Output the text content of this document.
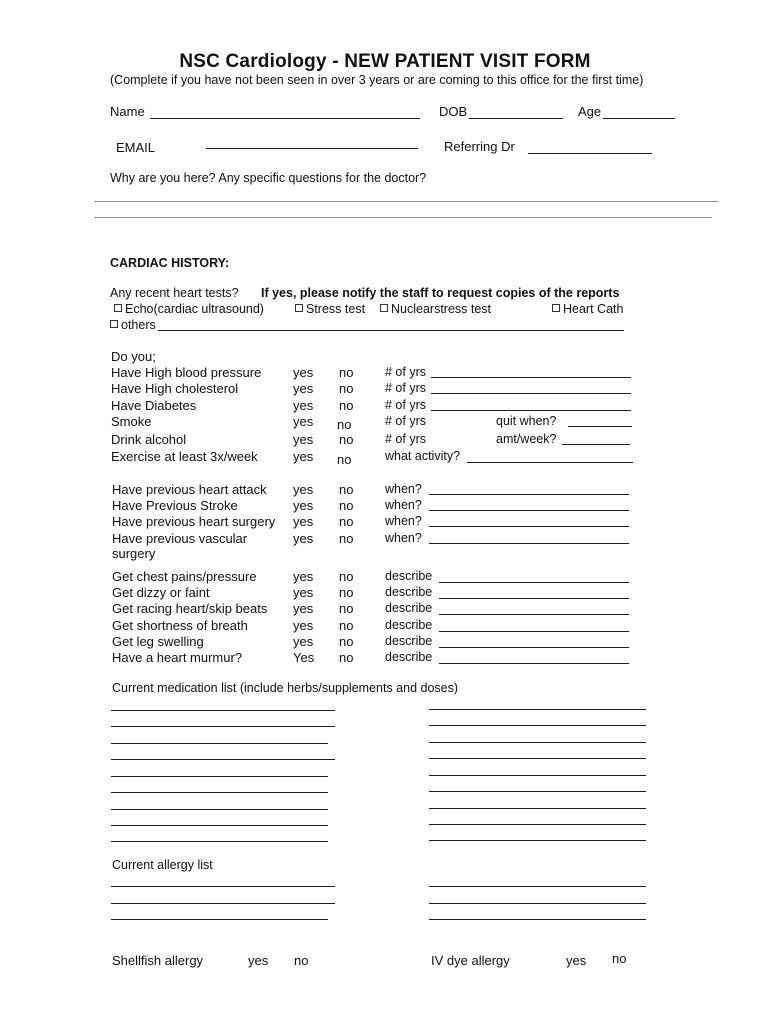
NSC Cardiology - NEW PATIENT VISIT FORM
(Complete if you have not been seen in over 3 years or are coming to this office for the first time)
Name	DOB	Age
EMAIL	Referring Dr
Why are you here? Any specific questions for the doctor?
CARDIAC HISTORY:
Any recent heart tests? If yes, please notify the staff to request copies of the reports
Echo(cardiac ultrasound)	Stress test	Nuclearstress test	Heart Cath
others
Do you;
Have High blood pressure yes no	# of yrs
Have High cholesterol	yes no	# of yrs
Have Diabetes	yes no	# of yrs
Smoke	yes no	# of yrs	quit when?
Drink alcohol	yes no	# of yrs	amt/week?
Exercise at least 3x/week	yes no	what activity?
Have previous heart attack yes no	when?
Have Previous Stroke	yes no	when?
Have previous heart surgery yes no	when?
Have previous vascular
surgery
yes no	when?
Get chest pains/pressure	yes no	describe
Get dizzy or faint	yes no	describe
Get racing heart/skip beats yes no	describe
Get shortness of breath	yes no	describe
Get leg swelling	yes no	describe
Have a heart murmur?	Yes no	describe
Current medication list (include herbs/supplements and doses)
Current allergy list
Shellfish allergy	yes no	IV dye allergy	yes no
